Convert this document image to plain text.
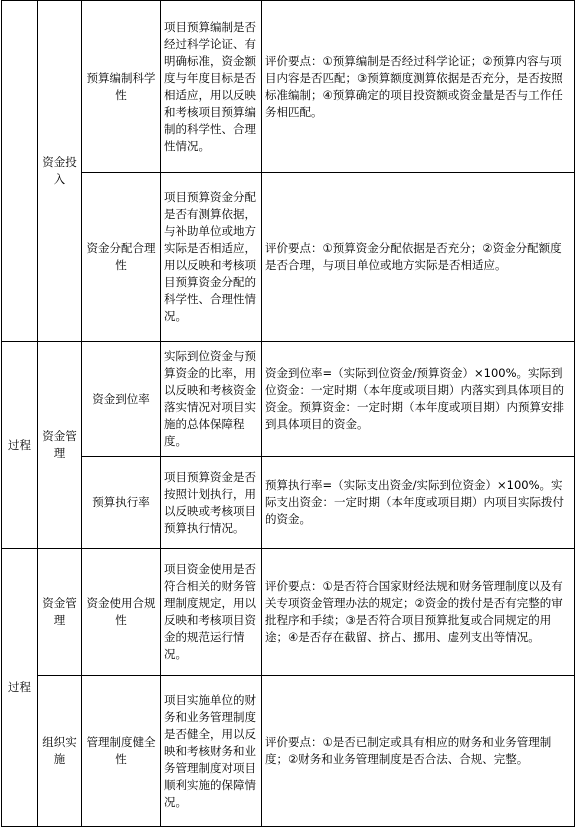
	资金投入	预算编制科学性	项目预算编制是否经过科学论证、有明确标准，资金额度与年度目标是否相适应，用以反映和考核项目预算编制的科学性、合理性情况。	评价要点：①预算编制是否经过科学论证；②预算内容与项目内容是否匹配；③预算额度测算依据是否充分，是否按照标准编制；④预算确定的项目投资额或资金量是否与工作任务相匹配。
		资金分配合理性	项目预算资金分配是否有测算依据，与补助单位或地方实际是否相适应，用以反映和考核项目预算资金分配的科学性、合理性情况。	评价要点：①预算资金分配依据是否充分；②资金分配额度是否合理，与项目单位或地方实际是否相适应。
过程	资金管理	资金到位率	实际到位资金与预算资金的比率，用以反映和考核资金落实情况对项目实施的总体保障程度。	资金到位率=（实际到位资金/预算资金）×100%。实际到位资金：一定时期（本年度或项目期）内落实到具体项目的资金。预算资金：一定时期（本年度或项目期）内预算安排到具体项目的资金。
		预算执行率	项目预算资金是否按照计划执行，用以反映或考核项目预算执行情况。	预算执行率=（实际支出资金/实际到位资金）×100%。实际支出资金：一定时期（本年度或项目期）内项目实际拨付的资金。
过程	资金管理	资金使用合规性	项目资金使用是否符合相关的财务管理制度规定，用以反映和考核项目资金的规范运行情况。	评价要点：①是否符合国家财经法规和财务管理制度以及有关专项资金管理办法的规定；②资金的拨付是否有完整的审批程序和手续；③是否符合项目预算批复或合同规定的用途；④是否存在截留、挤占、挪用、虚列支出等情况。
	组织实施	管理制度健全性	项目实施单位的财务和业务管理制度是否健全，用以反映和考核财务和业务管理制度对项目顺利实施的保障情况。	评价要点：①是否已制定或具有相应的财务和业务管理制度；②财务和业务管理制度是否合法、合规、完整。
